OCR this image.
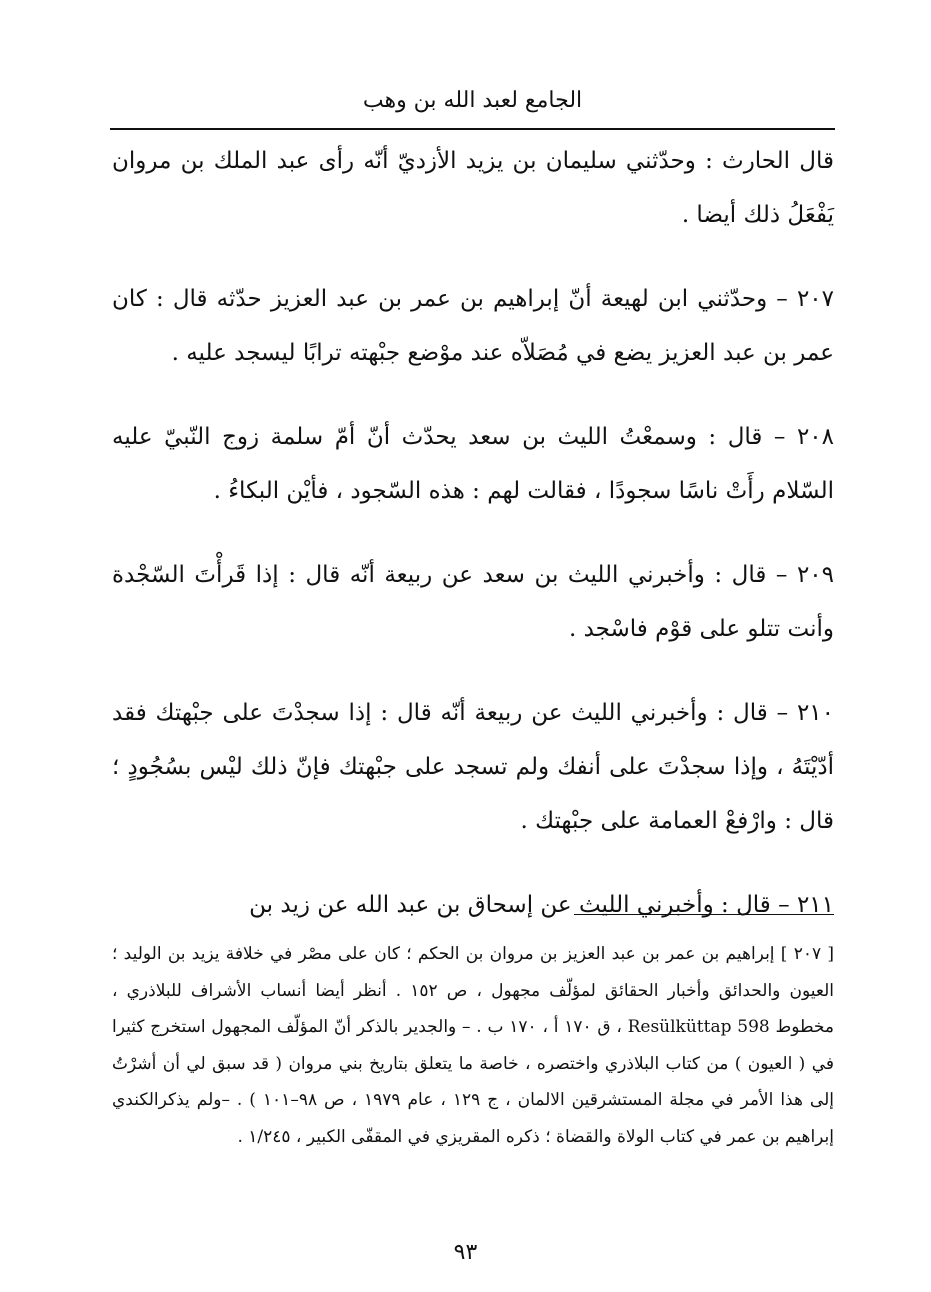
الجامع لعبد الله بن وهب

قال الحارث : وحدّثني سليمان بن يزيد الأزديّ أنّه رأى عبد الملك بن مروان يَفْعَلُ ذلك أيضا .

٢٠٧ – وحدّثني ابن لهيعة أنّ إبراهيم بن عمر بن عبد العزيز حدّثه قال : كان عمر بن عبد العزيز يضع في مُصَلاّه عند موْضع جبْهته ترابًا ليسجد عليه .

٢٠٨ – قال : وسمعْتُ الليث بن سعد يحدّث أنّ أمّ سلمة زوج النّبيّ عليه السّلام رأَتْ ناسًا سجودًا ، فقالت لهم : هذه السّجود ، فأيْن البكاءُ .

٢٠٩ – قال : وأخبرني الليث بن سعد عن ربيعة أنّه قال : إذا قَرأْتَ السّجْدة وأنت تتلو على قوْم فاسْجد .

٢١٠ – قال : وأخبرني الليث عن ربيعة أنّه قال : إذا سجدْتَ على جبْهتك فقد أدّيْتَهُ ، وإذا سجدْتَ على أنفك ولم تسجد على جبْهتك فإنّ ذلك ليْس بسُجُودٍ ؛ قال : وارْفعْ العمامة على جبْهتك .

٢١١ – قال : وأخبرني الليث عن إسحاق بن عبد الله عن زيد بن

[ ٢٠٧ ] إبراهيم بن عمر بن عبد العزيز بن مروان بن الحكم ؛ كان على مصْر في خلافة يزيد بن الوليد ؛ العيون والحدائق وأخبار الحقائق لمؤلّف مجهول ، ص ١٥٢ . أنظر أيضا أنساب الأشراف للبلاذري ، مخطوط Resülküttap 598 ، ق ١٧٠ أ ، ١٧٠ ب . – والجدير بالذكر أنّ المؤلّف المجهول استخرج كثيرا في ( العيون ) من كتاب البلاذري واختصره ، خاصة ما يتعلق بتاريخ بني مروان ( قد سبق لي أن أشرْتُ إلى هذا الأمر في مجلة المستشرقين الالمان ، ج ١٢٩ ، عام ١٩٧٩ ، ص ٩٨–١٠١ ) . –ولم يذكرالكندي إبراهيم بن عمر في كتاب الولاة والقضاة ؛ ذكره المقريزي في المقفّى الكبير ، ١/٢٤٥ .
٩٣
